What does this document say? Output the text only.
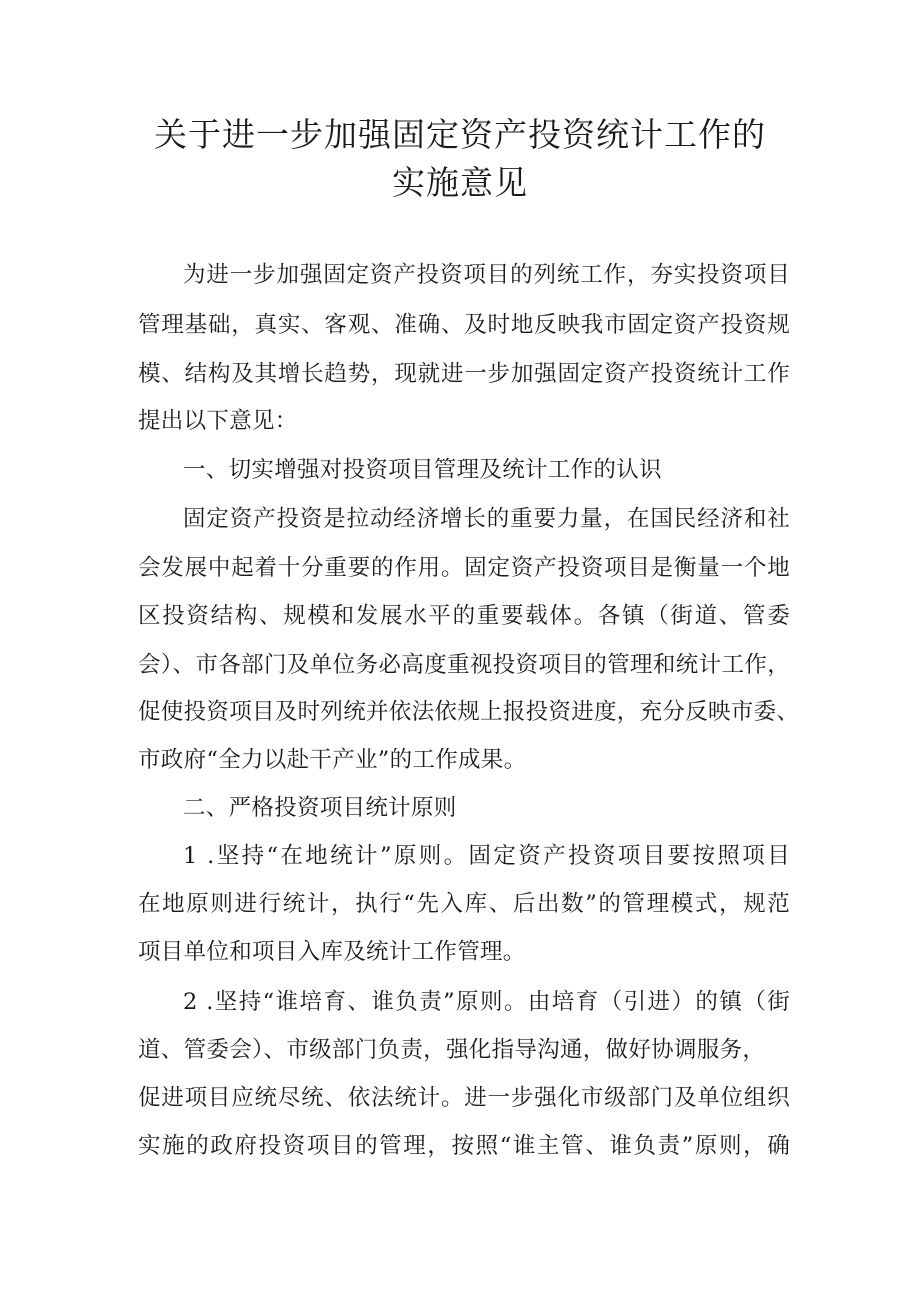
关于进一步加强固定资产投资统计工作的
实施意见
为进一步加强固定资产投资项目的列统工作，夯实投资项目
管理基础，真实、客观、准确、及时地反映我市固定资产投资规
模、结构及其增长趋势，现就进一步加强固定资产投资统计工作
提出以下意见：
一、切实增强对投资项目管理及统计工作的认识
固定资产投资是拉动经济增长的重要力量，在国民经济和社
会发展中起着十分重要的作用。固定资产投资项目是衡量一个地
区投资结构、规模和发展水平的重要载体。各镇（街道、管委
会）、市各部门及单位务必高度重视投资项目的管理和统计工作，
促使投资项目及时列统并依法依规上报投资进度，充分反映市委、
市政府“全力以赴干产业”的工作成果。
二、严格投资项目统计原则
1 .坚持“在地统计”原则。固定资产投资项目要按照项目
在地原则进行统计，执行“先入库、后出数”的管理模式，规范
项目单位和项目入库及统计工作管理。
2 .坚持“谁培育、谁负责”原则。由培育（引进）的镇（街
道、管委会）、市级部门负责，强化指导沟通，做好协调服务，
促进项目应统尽统、依法统计。进一步强化市级部门及单位组织
实施的政府投资项目的管理，按照“谁主管、谁负责”原则，确
